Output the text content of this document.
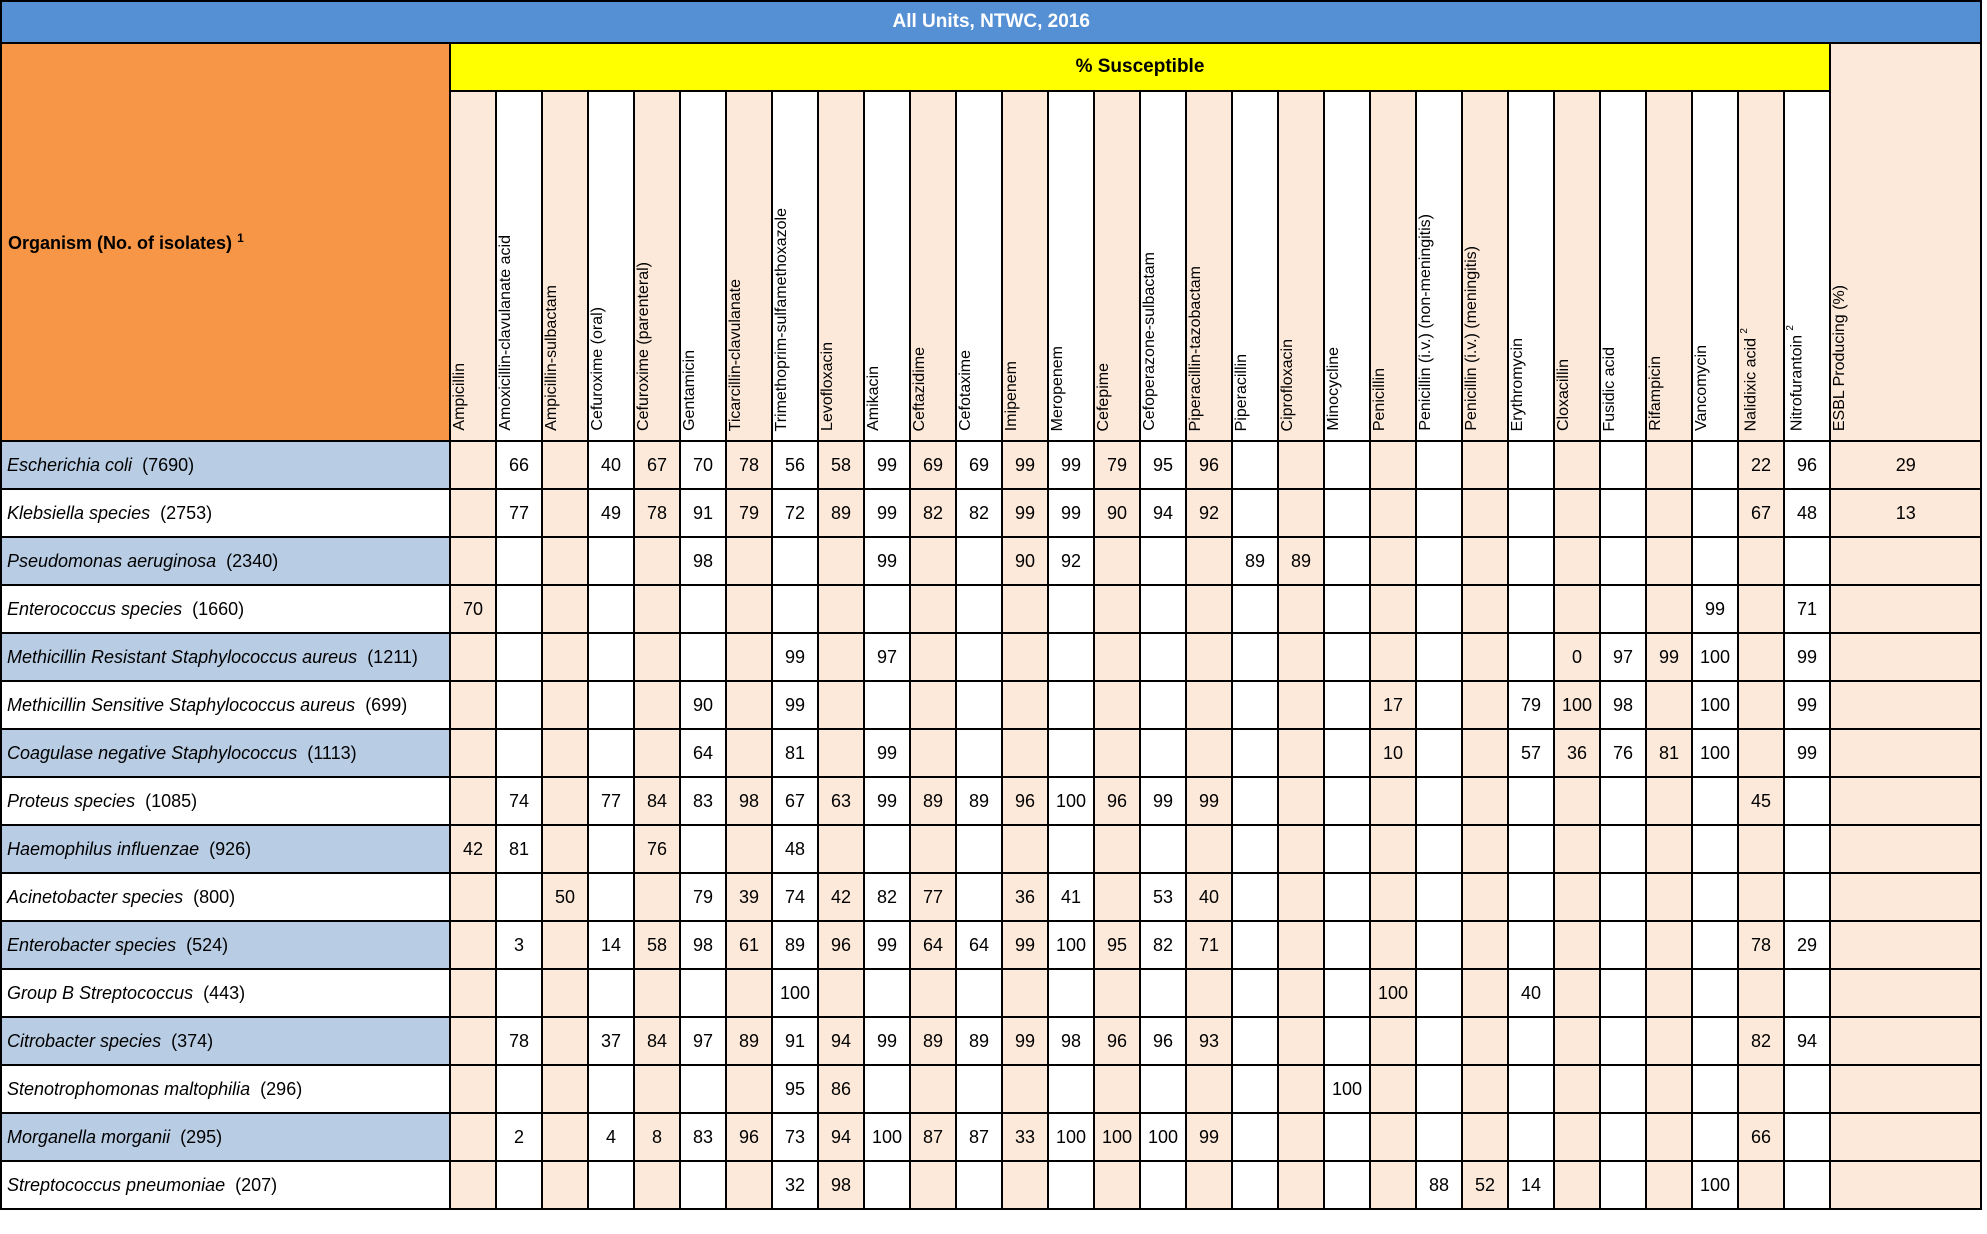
All Units, NTWC, 2016																															
Organism (No. of isolates) $^1$	% Susceptible																														ESBL Producing (%)
	Ampicillin	Amoxicillin-clavulanate acid	Ampicillin-sulbactam	Cefuroxime (oral)	Cefuroxime (parenteral)	Gentamicin	Ticarcillin-clavulanate	Trimethoprim-sulfamethoxazole	Levofloxacin	Amikacin	Ceftazidime	Cefotaxime	Imipenem	Meropenem	Cefepime	Cefoperazone-sulbactam	Piperacillin-tazobactam	Piperacillin	Ciprofloxacin	Minocycline	Penicillin	Penicillin (i.v.) (non-meningitis)	Penicillin (i.v.) (meningitis)	Erythromycin	Cloxacillin	Fusidic acid	Rifampicin	Vancomycin	Nalidixic acid $^2$	Nitrofurantoin $^2$
Escherichia coli (7690)		66		40	67	70	78	56	58	99	69	69	99	99	79	95	96												22	96	29
Klebsiella species (2753)		77		49	78	91	79	72	89	99	82	82	99	99	90	94	92												67	48	13
Pseudomonas aeruginosa (2340)						98				99			90	92				89	89												
Enterococcus species (1660)	70																											99		71	
Methicillin Resistant Staphylococcus aureus (1211)								99		97															0	97	99	100		99	
Methicillin Sensitive Staphylococcus aureus (699)						90		99													17			79	100	98		100		99	
Coagulase negative Staphylococcus (1113)						64		81		99											10			57	36	76	81	100		99	
Proteus species (1085)		74		77	84	83	98	67	63	99	89	89	96	100	96	99	99												45		
Haemophilus influenzae (926)	42	81			76			48																							
Acinetobacter species (800)			50			79	39	74	42	82	77		36	41		53	40														
Enterobacter species (524)		3		14	58	98	61	89	96	99	64	64	99	100	95	82	71												78	29	
Group B Streptococcus (443)								100													100			40							
Citrobacter species (374)		78		37	84	97	89	91	94	99	89	89	99	98	96	96	93												82	94	
Stenotrophomonas maltophilia (296)								95	86											100											
Morganella morganii (295)		2		4	8	83	96	73	94	100	87	87	33	100	100	100	99												66		
Streptococcus pneumoniae (207)								32	98													88	52	14				100			
